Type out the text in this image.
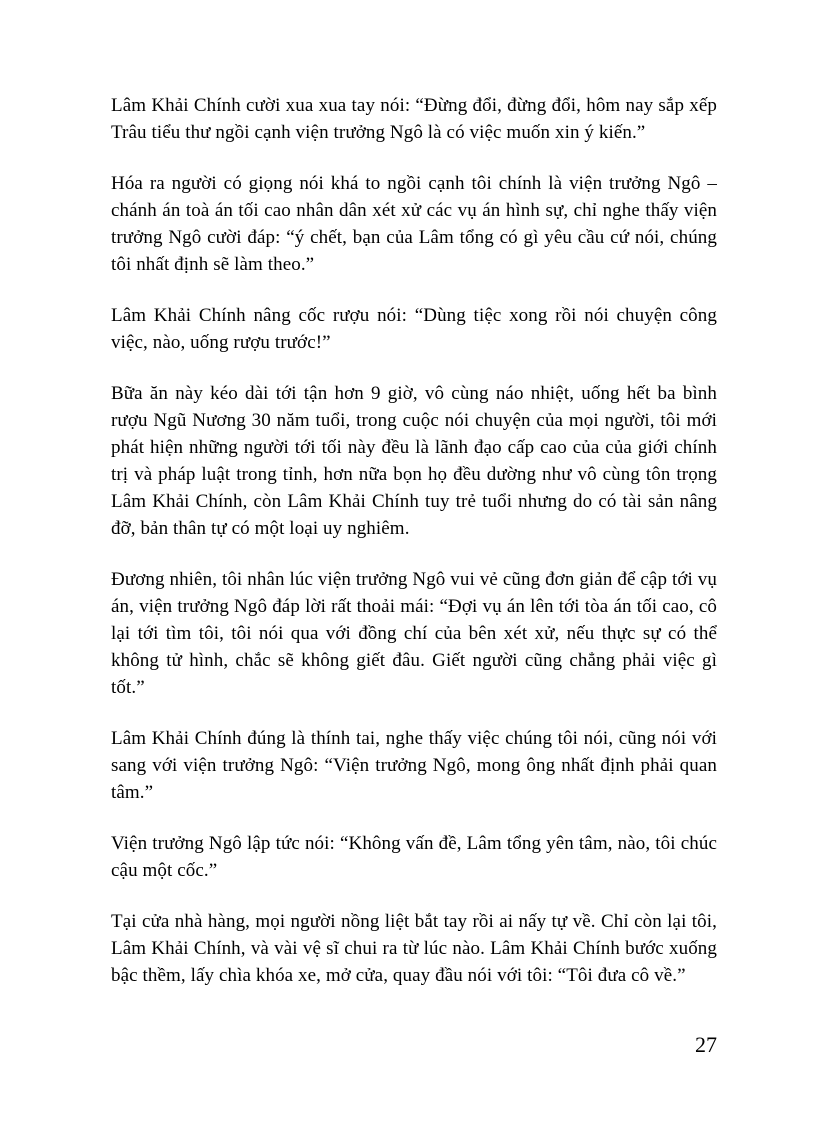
Lâm Khải Chính cười xua xua tay nói: “Đừng đổi, đừng đổi, hôm nay sắp xếp Trâu tiểu thư ngồi cạnh viện trưởng Ngô là có việc muốn xin ý kiến.”

Hóa ra người có giọng nói khá to ngồi cạnh tôi chính là viện trưởng Ngô – chánh án toà án tối cao nhân dân xét xử các vụ án hình sự, chỉ nghe thấy viện trưởng Ngô cười đáp: “ý chết, bạn của Lâm tổng có gì yêu cầu cứ nói, chúng tôi nhất định sẽ làm theo.”

Lâm Khải Chính nâng cốc rượu nói: “Dùng tiệc xong rồi nói chuyện công việc, nào, uống rượu trước!”

Bữa ăn này kéo dài tới tận hơn 9 giờ, vô cùng náo nhiệt, uống hết ba bình rượu Ngũ Nương 30 năm tuổi, trong cuộc nói chuyện của mọi người, tôi mới phát hiện những người tới tối này đều là lãnh đạo cấp cao của của giới chính trị và pháp luật trong tỉnh, hơn nữa bọn họ đều dường như vô cùng tôn trọng Lâm Khải Chính, còn Lâm Khải Chính tuy trẻ tuổi nhưng do có tài sản nâng đỡ, bản thân tự có một loại uy nghiêm.

Đương nhiên, tôi nhân lúc viện trưởng Ngô vui vẻ cũng đơn giản để cập tới vụ án, viện trưởng Ngô đáp lời rất thoải mái: “Đợi vụ án lên tới tòa án tối cao, cô lại tới tìm tôi, tôi nói qua với đồng chí của bên xét xử, nếu thực sự có thể không tử hình, chắc sẽ không giết đâu. Giết người cũng chẳng phải việc gì tốt.”

Lâm Khải Chính đúng là thính tai, nghe thấy việc chúng tôi nói, cũng nói với sang với viện trưởng Ngô: “Viện trưởng Ngô, mong ông nhất định phải quan tâm.”

Viện trưởng Ngô lập tức nói: “Không vấn đề, Lâm tổng yên tâm, nào, tôi chúc cậu một cốc.”

Tại cửa nhà hàng, mọi người nồng liệt bắt tay rồi ai nấy tự về. Chỉ còn lại tôi, Lâm Khải Chính, và vài vệ sĩ chui ra từ lúc nào. Lâm Khải Chính bước xuống bậc thềm, lấy chìa khóa xe, mở cửa, quay đầu nói với tôi: “Tôi đưa cô về.”

27
